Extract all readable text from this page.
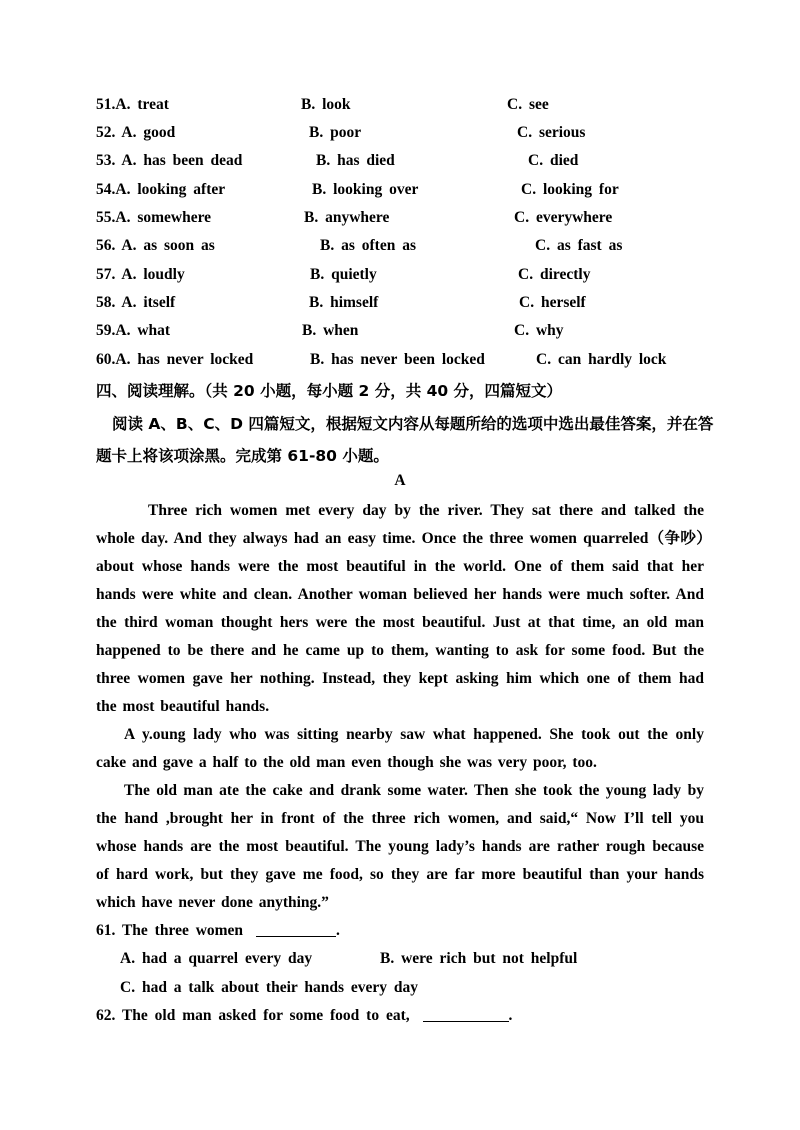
51.A. treat	B. look	C. see
52. A. good	B. poor	C. serious
53. A. has been dead	B. has died	C. died
54.A. looking after	B. looking over	C. looking for
55.A. somewhere	B. anywhere	C. everywhere
56. A. as soon as	B. as often as	C. as fast as
57. A. loudly	B. quietly	C. directly
58. A. itself	B. himself	C. herself
59.A. what	B. when	C. why
60.A. has never locked	B. has never been locked	C. can hardly lock
四、阅读理解。（共 20 小题，每小题 2 分，共 40 分，四篇短文）
阅读 A、B、C、D 四篇短文，根据短文内容从每题所给的选项中选出最佳答案，并在答
题卡上将该项涂黑。完成第 61-80 小题。
A
Three rich women met every day by the river. They sat there and talked the whole day. And they always had an easy time. Once the three women quarreled（争吵）about whose hands were the most beautiful in the world. One of them said that her hands were white and clean. Another woman believed her hands were much softer. And the third woman thought hers were the most beautiful. Just at that time, an old man happened to be there and he came up to them, wanting to ask for some food. But the three women gave her nothing. Instead, they kept asking him which one of them had the most beautiful hands.
A y.oung lady who was sitting nearby saw what happened. She took out the only cake and gave a half to the old man even though she was very poor, too.
The old man ate the cake and drank some water. Then she took the young lady by the hand ,brought her in front of the three rich women, and said,“ Now I’ll tell you whose hands are the most beautiful. The young lady’s hands are rather rough because of hard work, but they gave me food, so they are far more beautiful than your hands which have never done anything.”
61. The three women	.
A. had a quarrel every day	B. were rich but not helpful
C. had a talk about their hands every day
62. The old man asked for some food to eat,	.
